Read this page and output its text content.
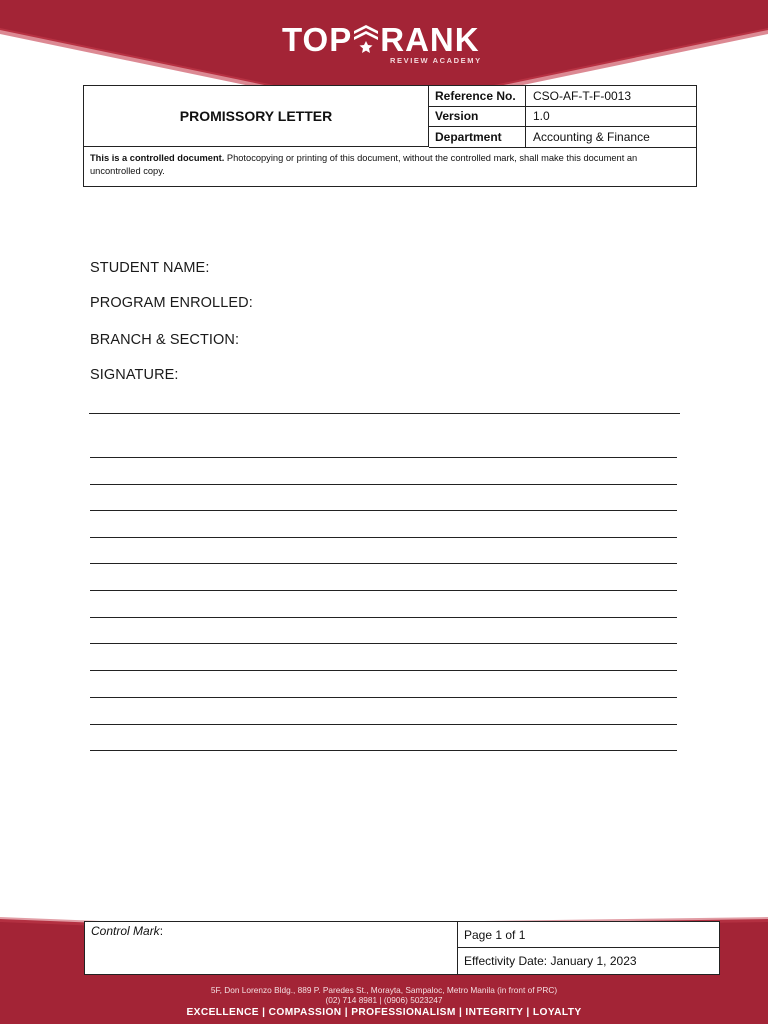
TOP RANK
REVIEW ACADEMY
PROMISSORY LETTER
Reference No.	CSO-AF-T-F-0013
Version	1.0
Department	Accounting & Finance
This is a controlled document. Photocopying or printing of this document, without the controlled mark, shall make this document an uncontrolled copy.
STUDENT NAME:
PROGRAM ENROLLED:
BRANCH & SECTION:
SIGNATURE:
Control Mark:	Page 1 of 1
Effectivity Date: January 1, 2023
5F, Don Lorenzo Bldg., 889 P. Paredes St., Morayta, Sampaloc, Metro Manila (in front of PRC)
(02) 714 8981 | (0906) 5023247
EXCELLENCE | COMPASSION | PROFESSIONALISM | INTEGRITY | LOYALTY
